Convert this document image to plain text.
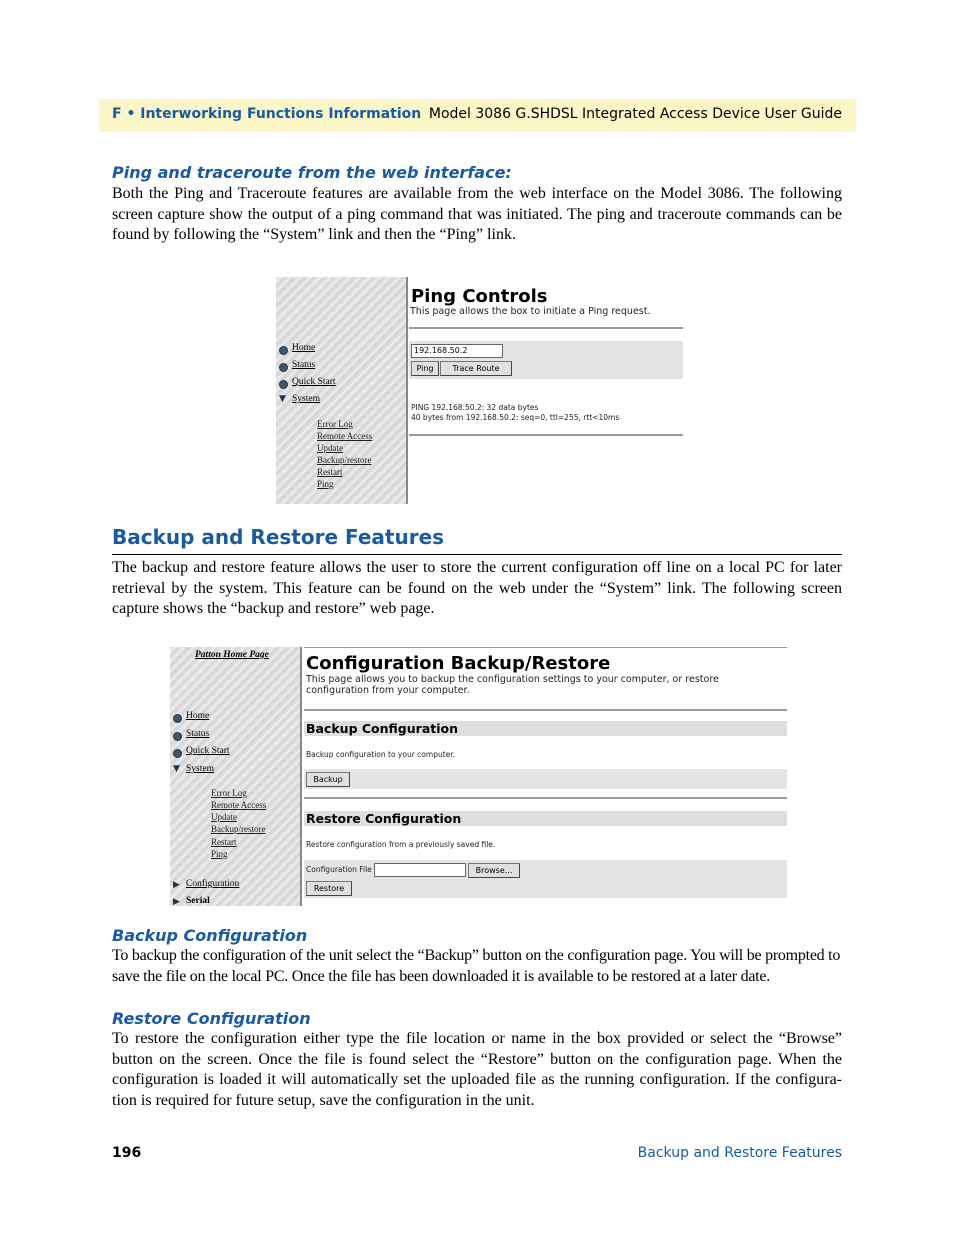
F • Interworking Functions Information Model 3086 G.SHDSL Integrated Access Device User Guide
Ping and traceroute from the web interface:

Both the Ping and Traceroute features are available from the web interface on the Model 3086. The following screen capture show the output of a ping command that was initiated. The ping and traceroute commands can be found by following the “System” link and then the “Ping” link.

Home
Status
Quick Start
▼ System
Error Log
Remote Access
Update
Backup/restore
Restart
Ping
Ping Controls
This page allows the box to initiate a Ping request.
192.168.50.2
Ping	Trace Route
PING 192.168.50.2: 32 data bytes
40 bytes from 192.168.50.2: seq=0, ttl=255, rtt<10ms
Backup and Restore Features

The backup and restore feature allows the user to store the current configuration off line on a local PC for later retrieval by the system. This feature can be found on the web under the “System” link. The following screen capture shows the “backup and restore” web page.

Patton Home Page
Home
Status
Quick Start
▼ System
Error Log
Remote Access
Update
Backup/restore
Restart
Ping
▶ Configuration
▶ Serial
Configuration Backup/Restore
This page allows you to backup the configuration settings to your computer, or restore configuration from your computer.
Backup Configuration
Backup configuration to your computer.
Backup
Restore Configuration
Restore configuration from a previously saved file.
Configuration File	Browse...
Restore
Backup Configuration

To backup the configuration of the unit select the “Backup” button on the configuration page. You will be prompted to save the file on the local PC. Once the file has been downloaded it is available to be restored at a later date.

Restore Configuration

To restore the configuration either type the file location or name in the box provided or select the “Browse” button on the screen. Once the file is found select the “Restore” button on the configuration page. When the configuration is loaded it will automatically set the uploaded file as the running configuration. If the configura-tion is required for future setup, save the configuration in the unit.

196	Backup and Restore Features
